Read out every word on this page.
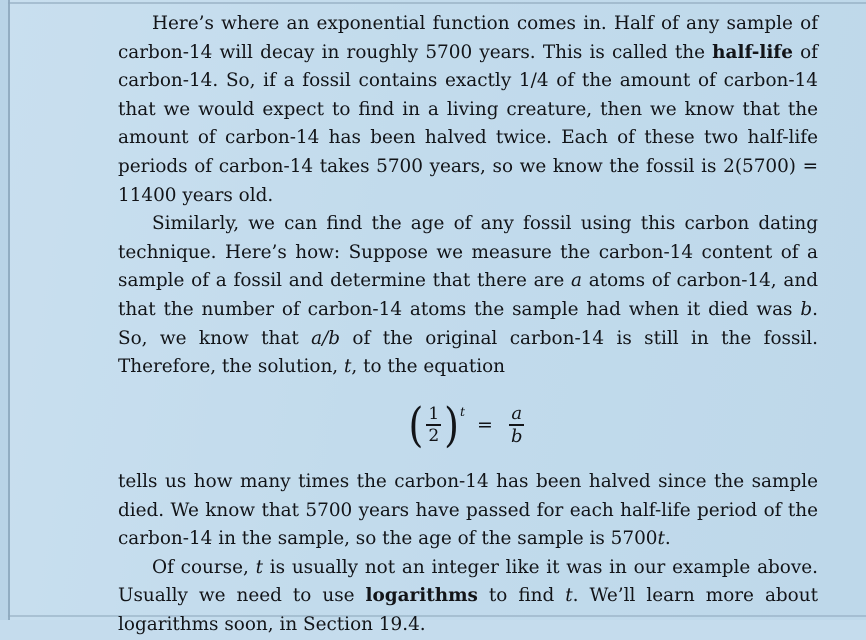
Here’s where an exponential function comes in. Half of any sample of carbon-14 will decay in roughly 5700 years. This is called the half-life of carbon-14. So, if a fossil contains exactly 1/4 of the amount of carbon-14 that we would expect to find in a living creature, then we know that the amount of carbon-14 has been halved twice. Each of these two half-life periods of carbon-14 takes 5700 years, so we know the fossil is 2(5700) = 11400 years old.

Similarly, we can find the age of any fossil using this carbon dating technique. Here’s how: Suppose we measure the carbon-14 content of a sample of a fossil and determine that there are a atoms of carbon-14, and that the number of carbon-14 atoms the sample had when it died was b. So, we know that a/b of the original carbon-14 is still in the fossil. Therefore, the solution, t, to the equation

( $\frac{1}{2}$ ) t
= $\frac{a}{b}$

tells us how many times the carbon-14 has been halved since the sample died. We know that 5700 years have passed for each half-life period of the carbon-14 in the sample, so the age of the sample is 5700t.

Of course, t is usually not an integer like it was in our example above. Usually we need to use logarithms to find t. We’ll learn more about logarithms soon, in Section 19.4.
